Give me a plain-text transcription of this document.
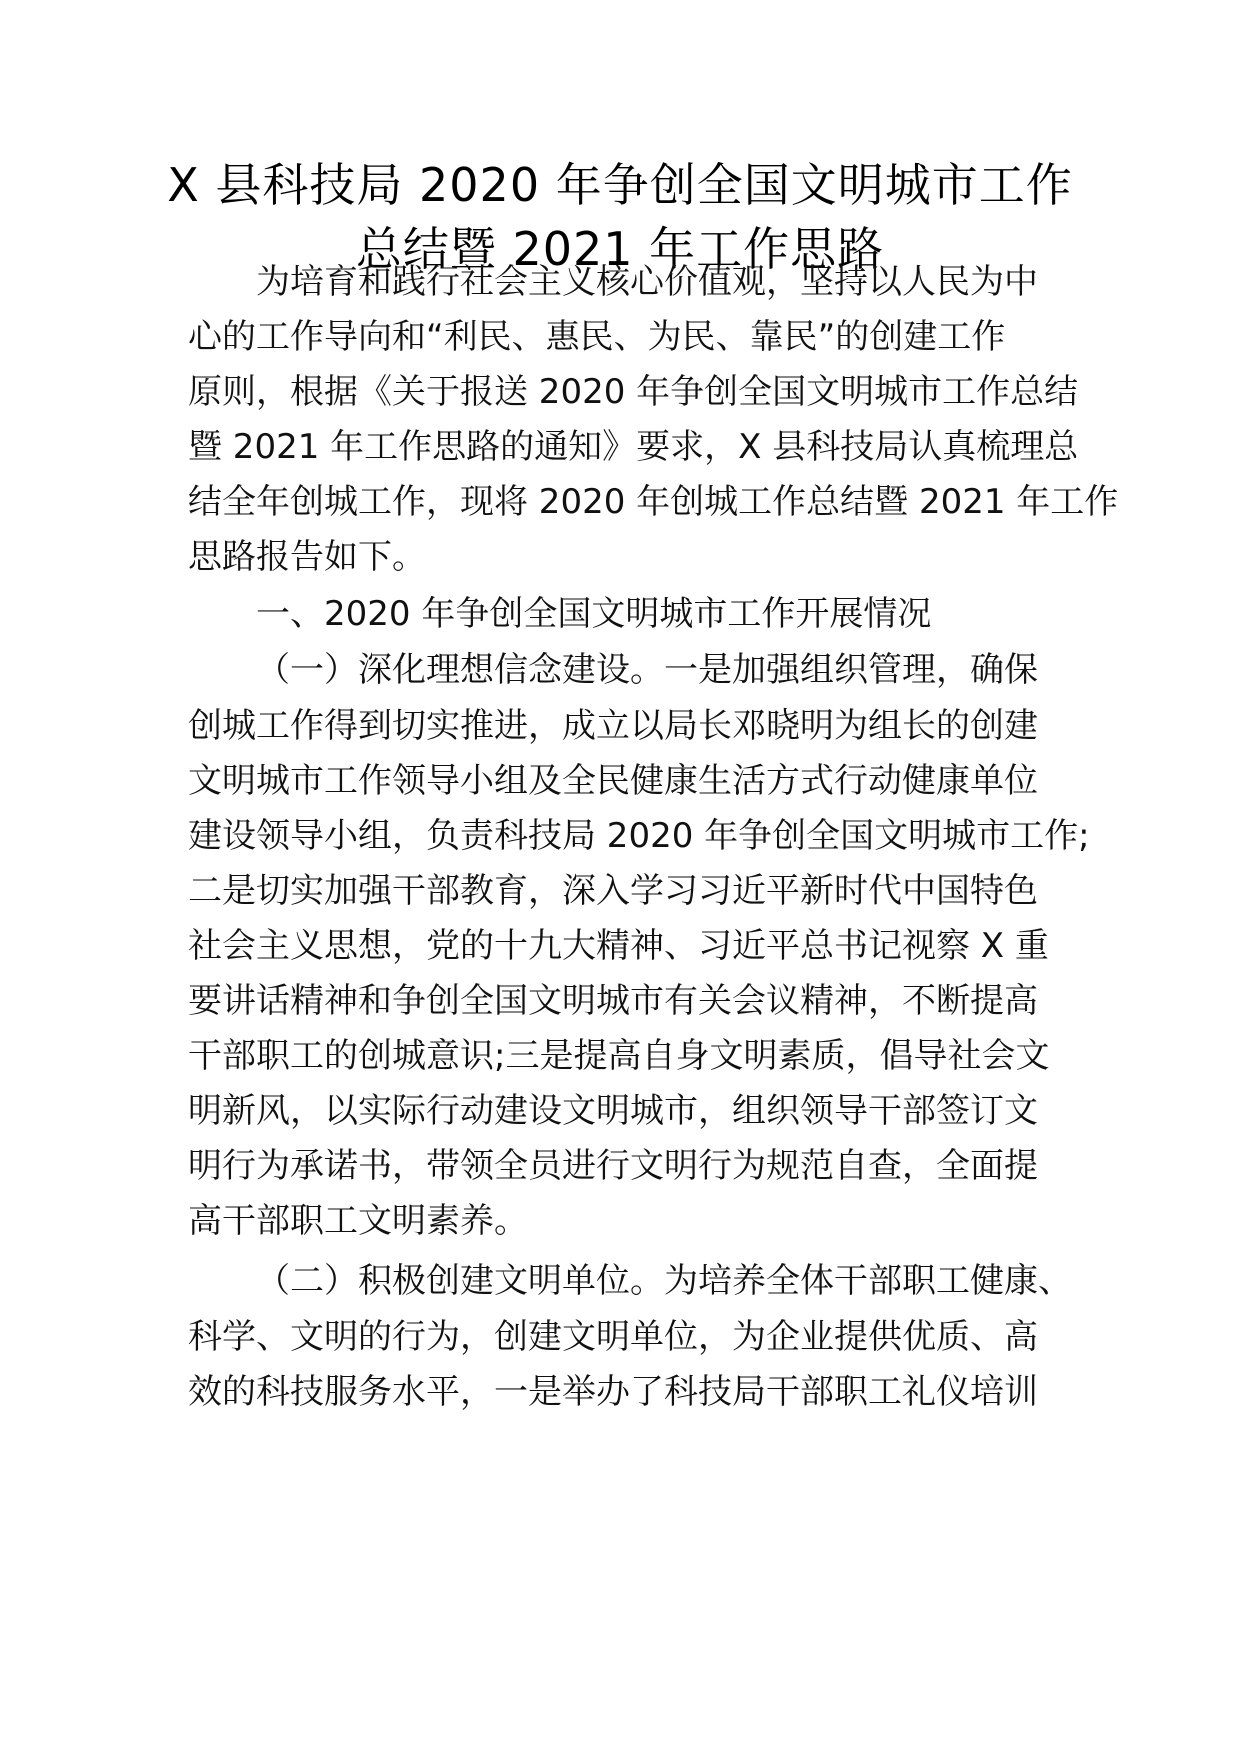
X 县科技局 2020 年争创全国文明城市工作
总结暨 2021 年工作思路
为培育和践行社会主义核心价值观，坚持以人民为中
心的工作导向和“利民、惠民、为民、靠民”的创建工作
原则，根据《关于报送 2020 年争创全国文明城市工作总结
暨 2021 年工作思路的通知》要求，X 县科技局认真梳理总
结全年创城工作，现将 2020 年创城工作总结暨 2021 年工作
思路报告如下。
一、2020 年争创全国文明城市工作开展情况
（一）深化理想信念建设。一是加强组织管理，确保
创城工作得到切实推进，成立以局长邓晓明为组长的创建
文明城市工作领导小组及全民健康生活方式行动健康单位
建设领导小组，负责科技局 2020 年争创全国文明城市工作;
二是切实加强干部教育，深入学习习近平新时代中国特色
社会主义思想，党的十九大精神、习近平总书记视察 X 重
要讲话精神和争创全国文明城市有关会议精神，不断提高
干部职工的创城意识;三是提高自身文明素质，倡导社会文
明新风，以实际行动建设文明城市，组织领导干部签订文
明行为承诺书，带领全员进行文明行为规范自查，全面提
高干部职工文明素养。
（二）积极创建文明单位。为培养全体干部职工健康、
科学、文明的行为，创建文明单位，为企业提供优质、高
效的科技服务水平，一是举办了科技局干部职工礼仪培训
